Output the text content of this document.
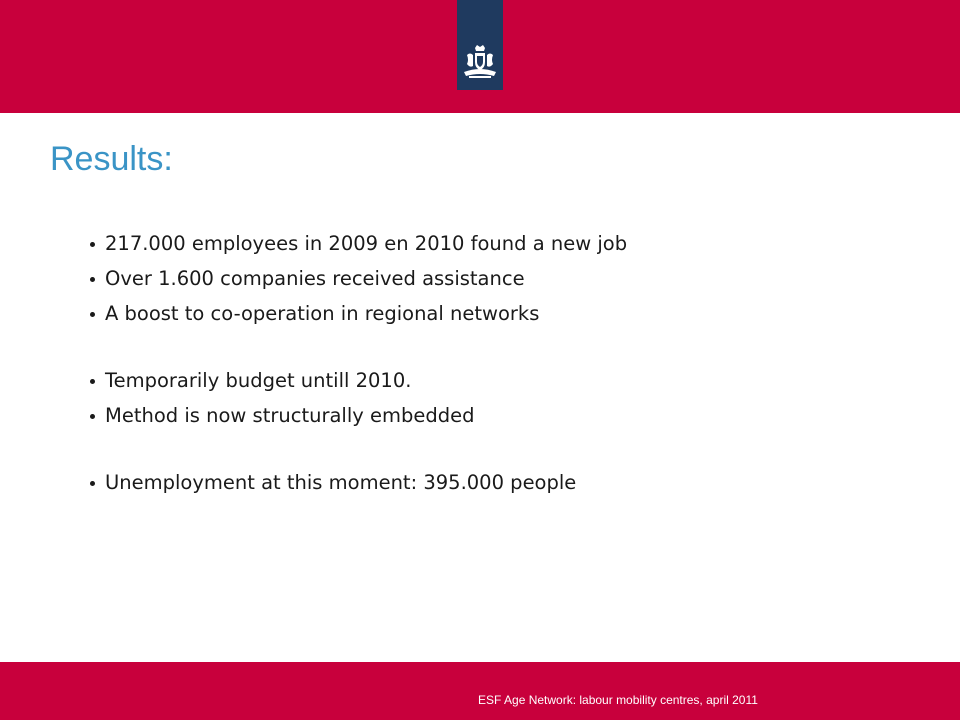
Results:
217.000 employees in 2009 en 2010 found a new job
Over 1.600 companies received assistance
A boost to co-operation in regional networks
Temporarily budget untill 2010.
Method is now structurally embedded
Unemployment at this moment: 395.000 people
ESF Age Network: labour mobility centres, april 2011
